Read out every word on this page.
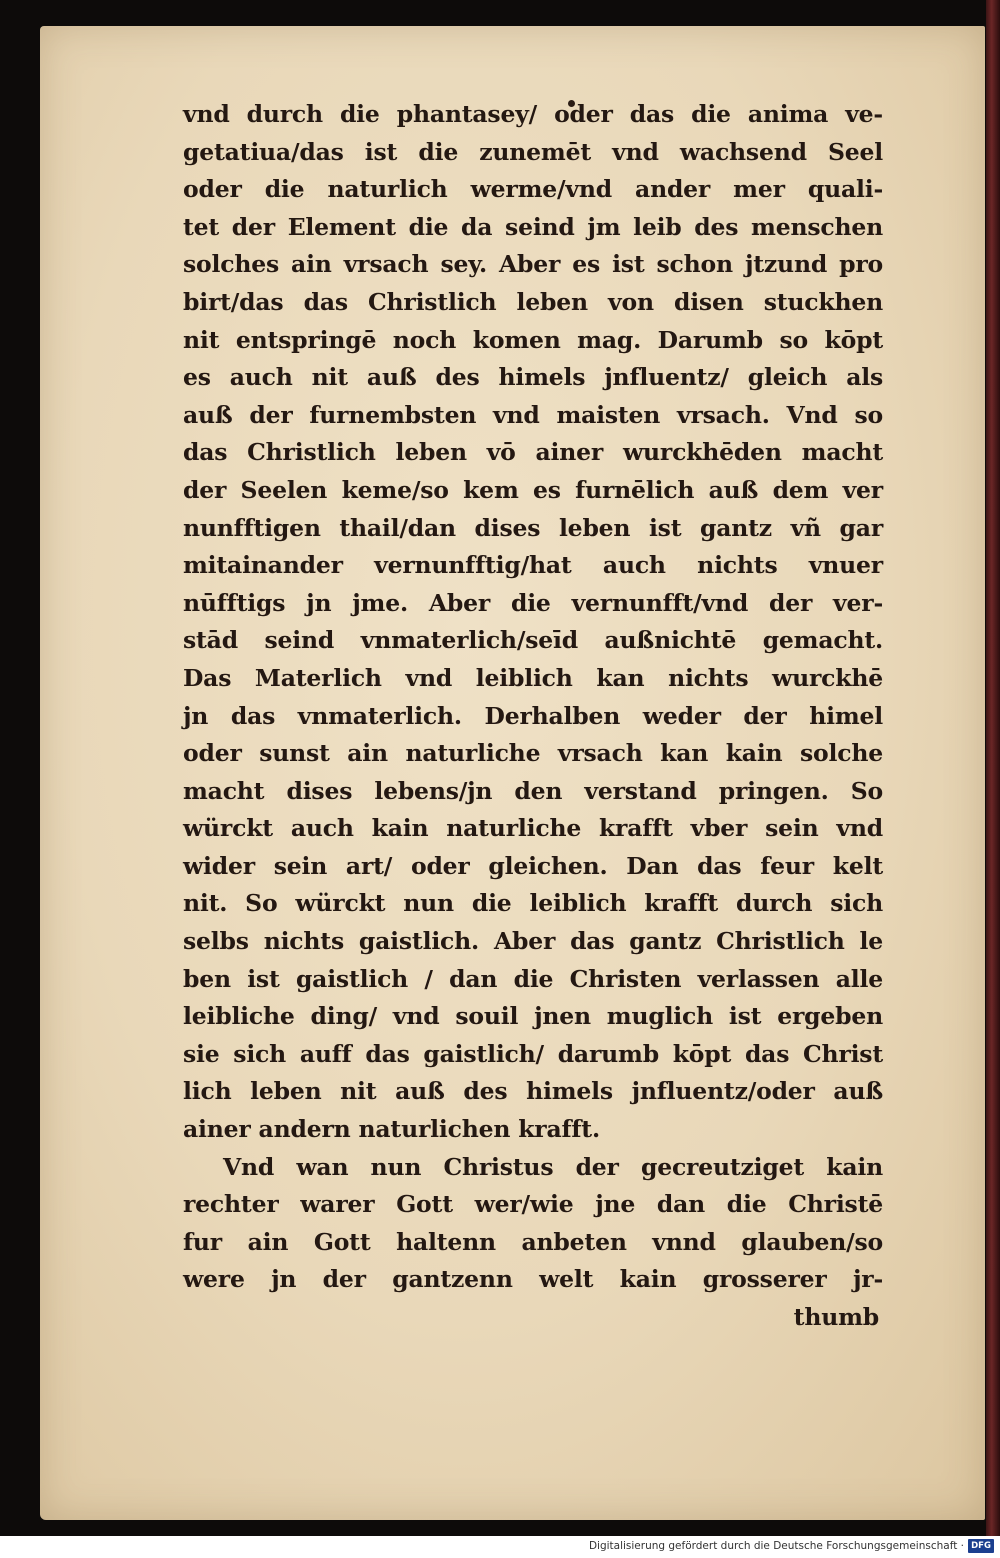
vnd durch die phantasey/ oder das die anima ve-
getatiua/das ist die zunemēt vnd wachsend Seel
oder die naturlich werme/vnd ander mer quali-
tet der Element die da seind jm leib des menschen
solches ain vrsach sey. Aber es ist schon jtzund pro
birt/das das Christlich leben von disen stuckhen
nit entspringē noch komen mag. Darumb so kōpt
es auch nit auß des himels jnfluentz/ gleich als
auß der furnembsten vnd maisten vrsach. Vnd so
das Christlich leben vō ainer wurckhēden macht
der Seelen keme/so kem es furnēlich auß dem ver
nunfftigen thail/dan dises leben ist gantz vñ gar
mitainander vernunfftig/hat auch nichts vnuer
nūfftigs jn jme. Aber die vernunfft/vnd der ver-
stād seind vnmaterlich/seīd außnichtē gemacht.
Das Materlich vnd leiblich kan nichts wurckhē
jn das vnmaterlich. Derhalben weder der himel
oder sunst ain naturliche vrsach kan kain solche
macht dises lebens/jn den verstand pringen. So
würckt auch kain naturliche krafft vber sein vnd
wider sein art/ oder gleichen. Dan das feur kelt
nit. So würckt nun die leiblich krafft durch sich
selbs nichts gaistlich. Aber das gantz Christlich le
ben ist gaistlich / dan die Christen verlassen alle
leibliche ding/ vnd souil jnen muglich ist ergeben
sie sich auff das gaistlich/ darumb kōpt das Christ
lich leben nit auß des himels jnfluentz/oder auß
ainer andern naturlichen krafft.
Vnd wan nun Christus der gecreutziget kain
rechter warer Gott wer/wie jne dan die Christē
fur ain Gott haltenn anbeten vnnd glauben/so
were jn der gantzenn welt kain grosserer jr-
thumb
Digitalisierung gefördert durch die Deutsche Forschungsgemeinschaft · DFG
